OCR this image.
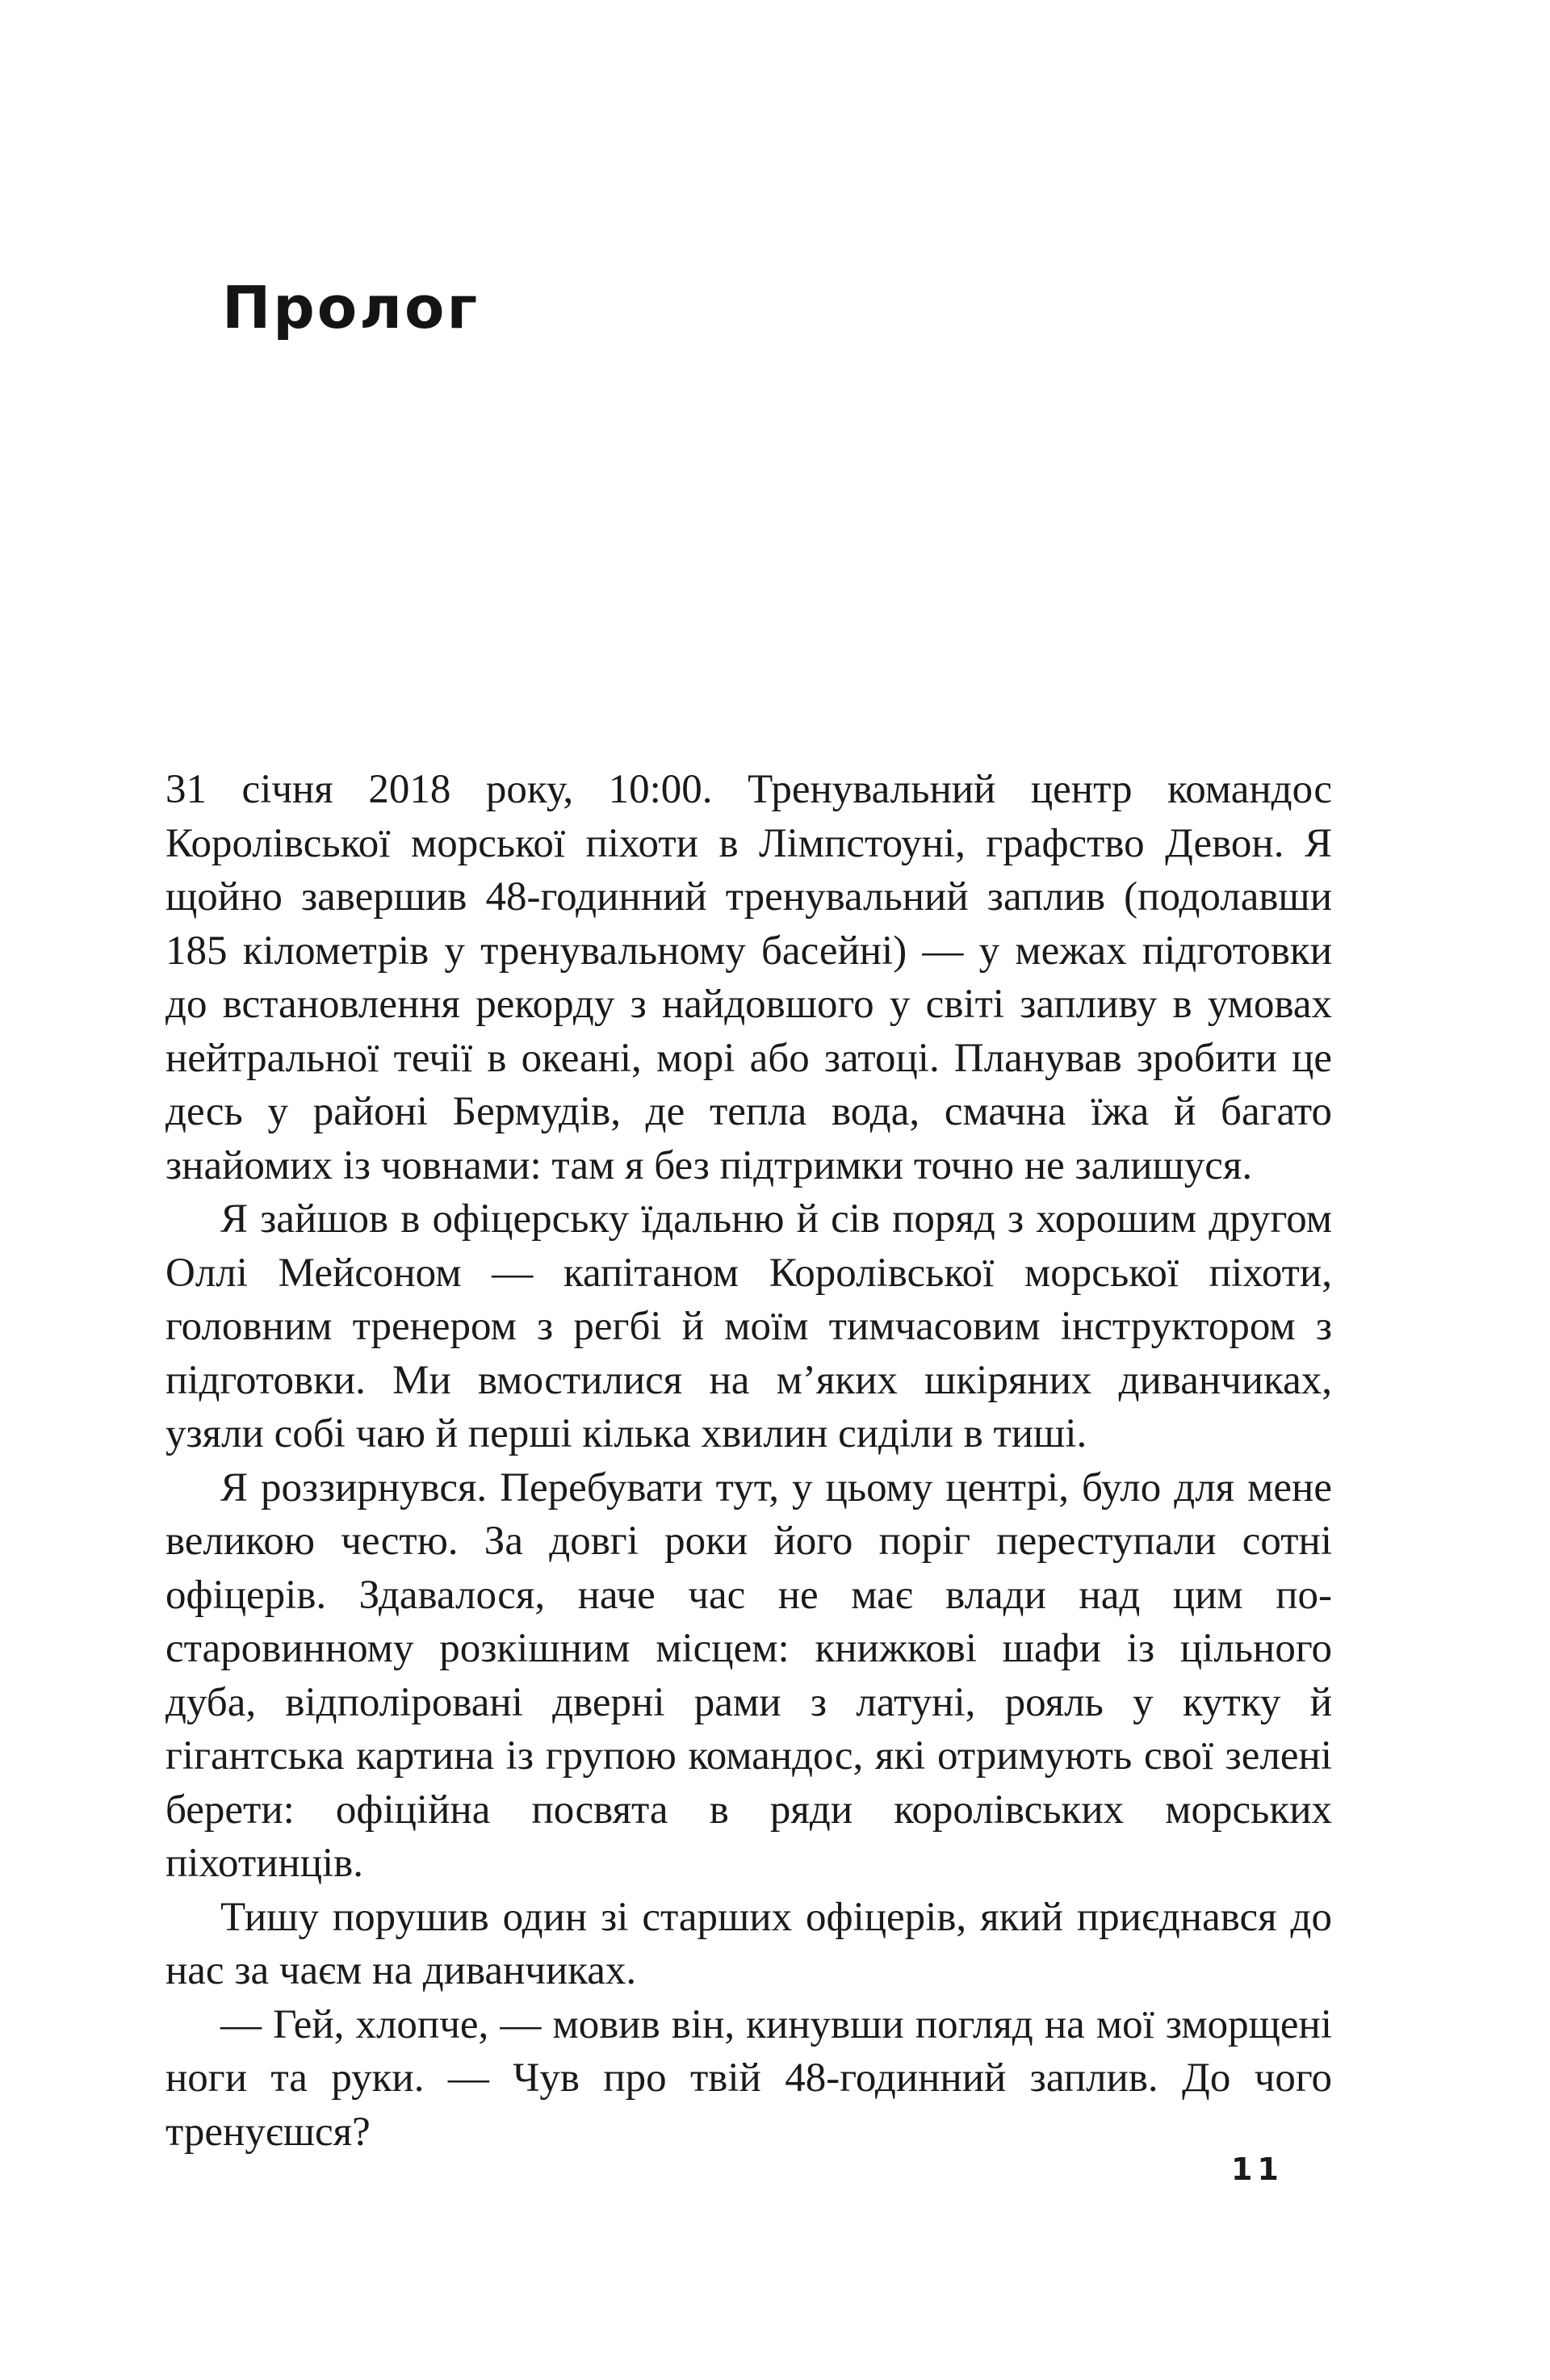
Пролог

31 січня 2018 року, 10:00. Тренувальний центр командос Королівської морської піхоти в Лімпстоуні, графство Девон. Я щойно завершив 48-годинний тренувальний заплив (подолавши 185 кілометрів у тренувальному басейні) — у межах підготовки до встановлення рекорду з найдовшого у світі запливу в умовах нейтральної течії в океані, морі або затоці. Планував зробити це десь у районі Бермудів, де тепла вода, смачна їжа й багато знайомих із човнами: там я без підтримки точно не залишуся.

Я зайшов в офіцерську їдальню й сів поряд з хорошим другом Оллі Мейсоном — капітаном Королівської морської піхоти, головним тренером з регбі й моїм тимчасовим інструктором з підготовки. Ми вмостилися на м’яких шкіряних диванчиках, узяли собі чаю й перші кілька хвилин сиділи в тиші.

Я роззирнувся. Перебувати тут, у цьому центрі, було для мене великою честю. За довгі роки його поріг переступали сотні офіцерів. Здавалося, наче час не має влади над цим по-старовинному розкішним місцем: книжкові шафи із цільного дуба, відполіровані дверні рами з латуні, рояль у кутку й гігантська картина із групою командос, які отримують свої зелені берети: офіційна посвята в ряди королівських морських піхотинців.

Тишу порушив один зі старших офіцерів, який приєднався до нас за чаєм на диванчиках.

— Гей, хлопче, — мовив він, кинувши погляд на мої зморщені ноги та руки. — Чув про твій 48-годинний заплив. До чого тренуєшся?

11
